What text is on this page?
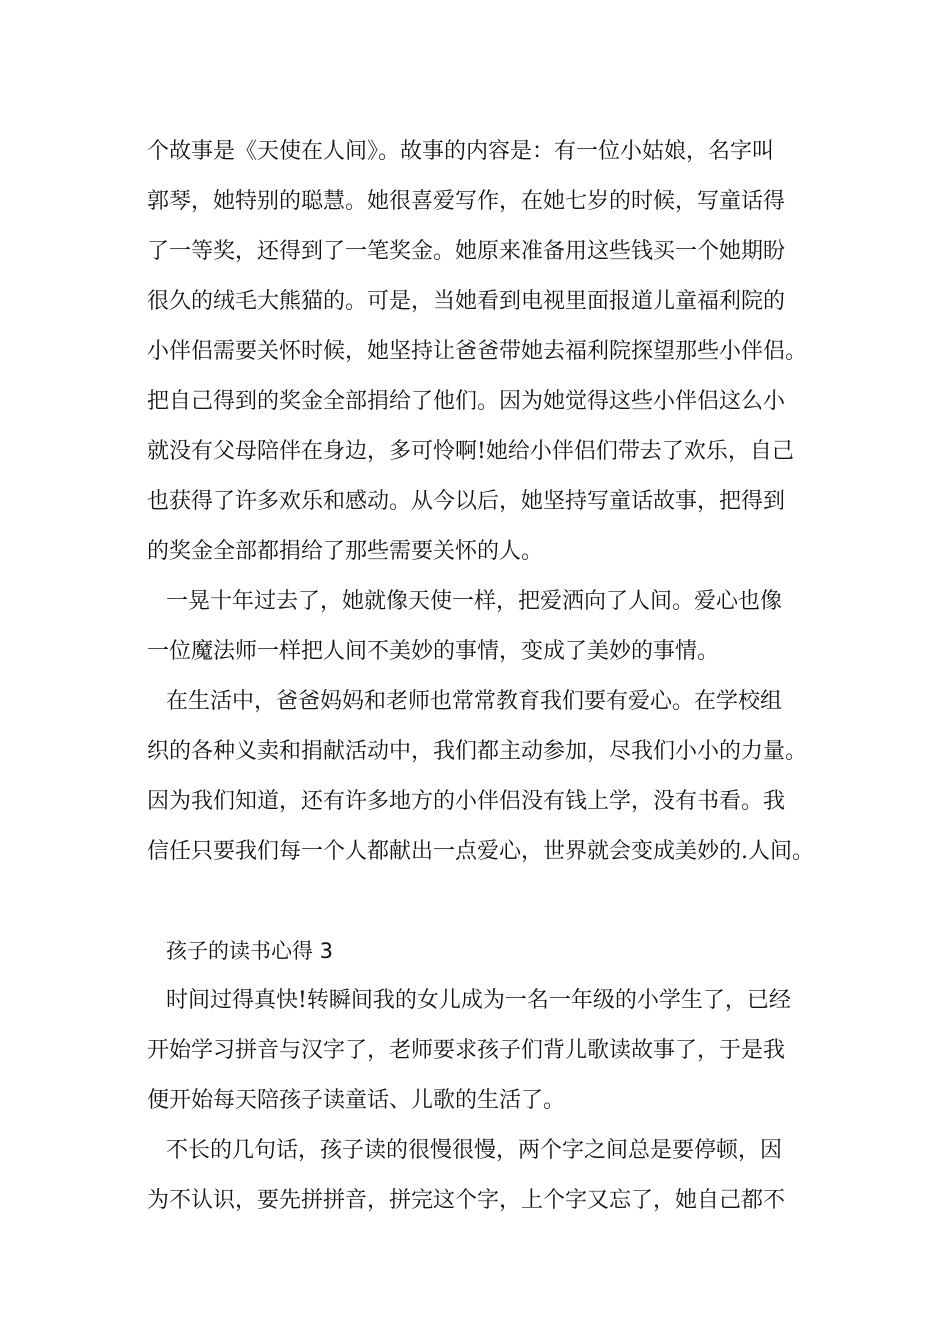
个故事是《天使在人间》。故事的内容是：有一位小姑娘，名字叫
郭琴，她特别的聪慧。她很喜爱写作，在她七岁的时候，写童话得
了一等奖，还得到了一笔奖金。她原来准备用这些钱买一个她期盼
很久的绒毛大熊猫的。可是，当她看到电视里面报道儿童福利院的
小伴侣需要关怀时候，她坚持让爸爸带她去福利院探望那些小伴侣。
把自己得到的奖金全部捐给了他们。因为她觉得这些小伴侣这么小
就没有父母陪伴在身边，多可怜啊!她给小伴侣们带去了欢乐，自己
也获得了许多欢乐和感动。从今以后，她坚持写童话故事，把得到
的奖金全部都捐给了那些需要关怀的人。
一晃十年过去了，她就像天使一样，把爱洒向了人间。爱心也像
一位魔法师一样把人间不美妙的事情，变成了美妙的事情。
在生活中，爸爸妈妈和老师也常常教育我们要有爱心。在学校组
织的各种义卖和捐献活动中，我们都主动参加，尽我们小小的力量。
因为我们知道，还有许多地方的小伴侣没有钱上学，没有书看。我
信任只要我们每一个人都献出一点爱心，世界就会变成美妙的.人间。
孩子的读书心得 3
时间过得真快!转瞬间我的女儿成为一名一年级的小学生了，已经
开始学习拼音与汉字了，老师要求孩子们背儿歌读故事了，于是我
便开始每天陪孩子读童话、儿歌的生活了。
不长的几句话，孩子读的很慢很慢，两个字之间总是要停顿，因
为不认识，要先拼拼音，拼完这个字，上个字又忘了，她自己都不
